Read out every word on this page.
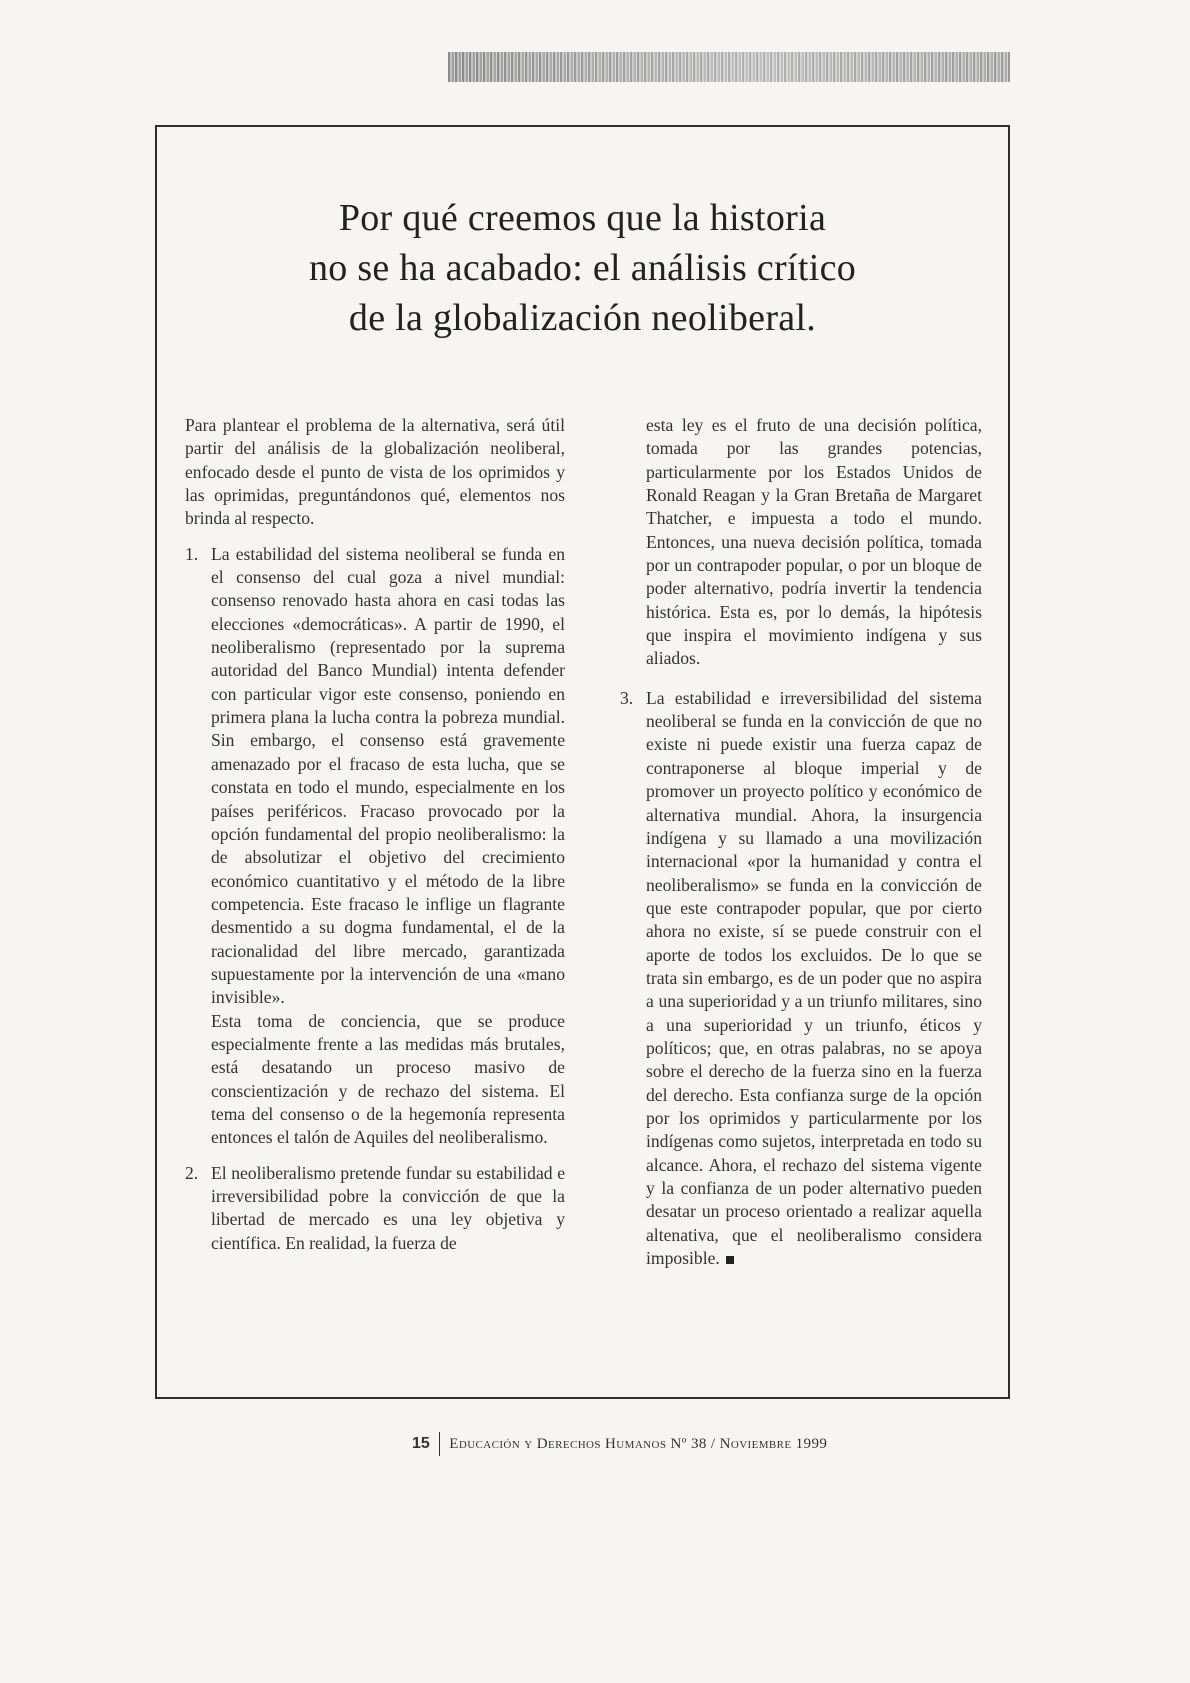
Por qué creemos que la historia
no se ha acabado: el análisis crítico
de la globalización neoliberal.

Para plantear el problema de la alternativa, será útil partir del análisis de la globalización neoliberal, enfocado desde el punto de vista de los oprimidos y las oprimidas, preguntándonos qué, elementos nos brinda al respecto.

1. La estabilidad del sistema neoliberal se funda en el consenso del cual goza a nivel mundial: consenso renovado hasta ahora en casi todas las elecciones «democráticas». A partir de 1990, el neoliberalismo (representado por la suprema autoridad del Banco Mundial) intenta defender con particular vigor este consenso, poniendo en primera plana la lucha contra la pobreza mundial. Sin embargo, el consenso está gravemente amenazado por el fracaso de esta lucha, que se constata en todo el mundo, especialmente en los países periféricos. Fracaso provocado por la opción fundamental del propio neoliberalismo: la de absolutizar el objetivo del crecimiento económico cuantitativo y el método de la libre competencia. Este fracaso le inflige un flagrante desmentido a su dogma fundamental, el de la racionalidad del libre mercado, garantizada supuestamente por la intervención de una «mano invisible».

Esta toma de conciencia, que se produce especialmente frente a las medidas más brutales, está desatando un proceso masivo de conscientización y de rechazo del sistema. El tema del consenso o de la hegemonía representa entonces el talón de Aquiles del neoliberalismo.

2. El neoliberalismo pretende fundar su estabilidad e irreversibilidad pobre la convicción de que la libertad de mercado es una ley objetiva y científica. En realidad, la fuerza de

esta ley es el fruto de una decisión política, tomada por las grandes potencias, particularmente por los Estados Unidos de Ronald Reagan y la Gran Bretaña de Margaret Thatcher, e impuesta a todo el mundo. Entonces, una nueva decisión política, tomada por un contrapoder popular, o por un bloque de poder alternativo, podría invertir la tendencia histórica. Esta es, por lo demás, la hipótesis que inspira el movimiento indígena y sus aliados.

3. La estabilidad e irreversibilidad del sistema neoliberal se funda en la convicción de que no existe ni puede existir una fuerza capaz de contraponerse al bloque imperial y de promover un proyecto político y económico de alternativa mundial. Ahora, la insurgencia indígena y su llamado a una movilización internacional «por la humanidad y contra el neoliberalismo» se funda en la convicción de que este contrapoder popular, que por cierto ahora no existe, sí se puede construir con el aporte de todos los excluidos. De lo que se trata sin embargo, es de un poder que no aspira a una superioridad y a un triunfo militares, sino a una superioridad y un triunfo, éticos y políticos; que, en otras palabras, no se apoya sobre el derecho de la fuerza sino en la fuerza del derecho. Esta confianza surge de la opción por los oprimidos y particularmente por los indígenas como sujetos, interpretada en todo su alcance. Ahora, el rechazo del sistema vigente y la confianza de un poder alternativo pueden desatar un proceso orientado a realizar aquella altenativa, que el neoliberalismo considera imposible.

15 Educación y Derechos Humanos Nº 38 / Noviembre 1999
